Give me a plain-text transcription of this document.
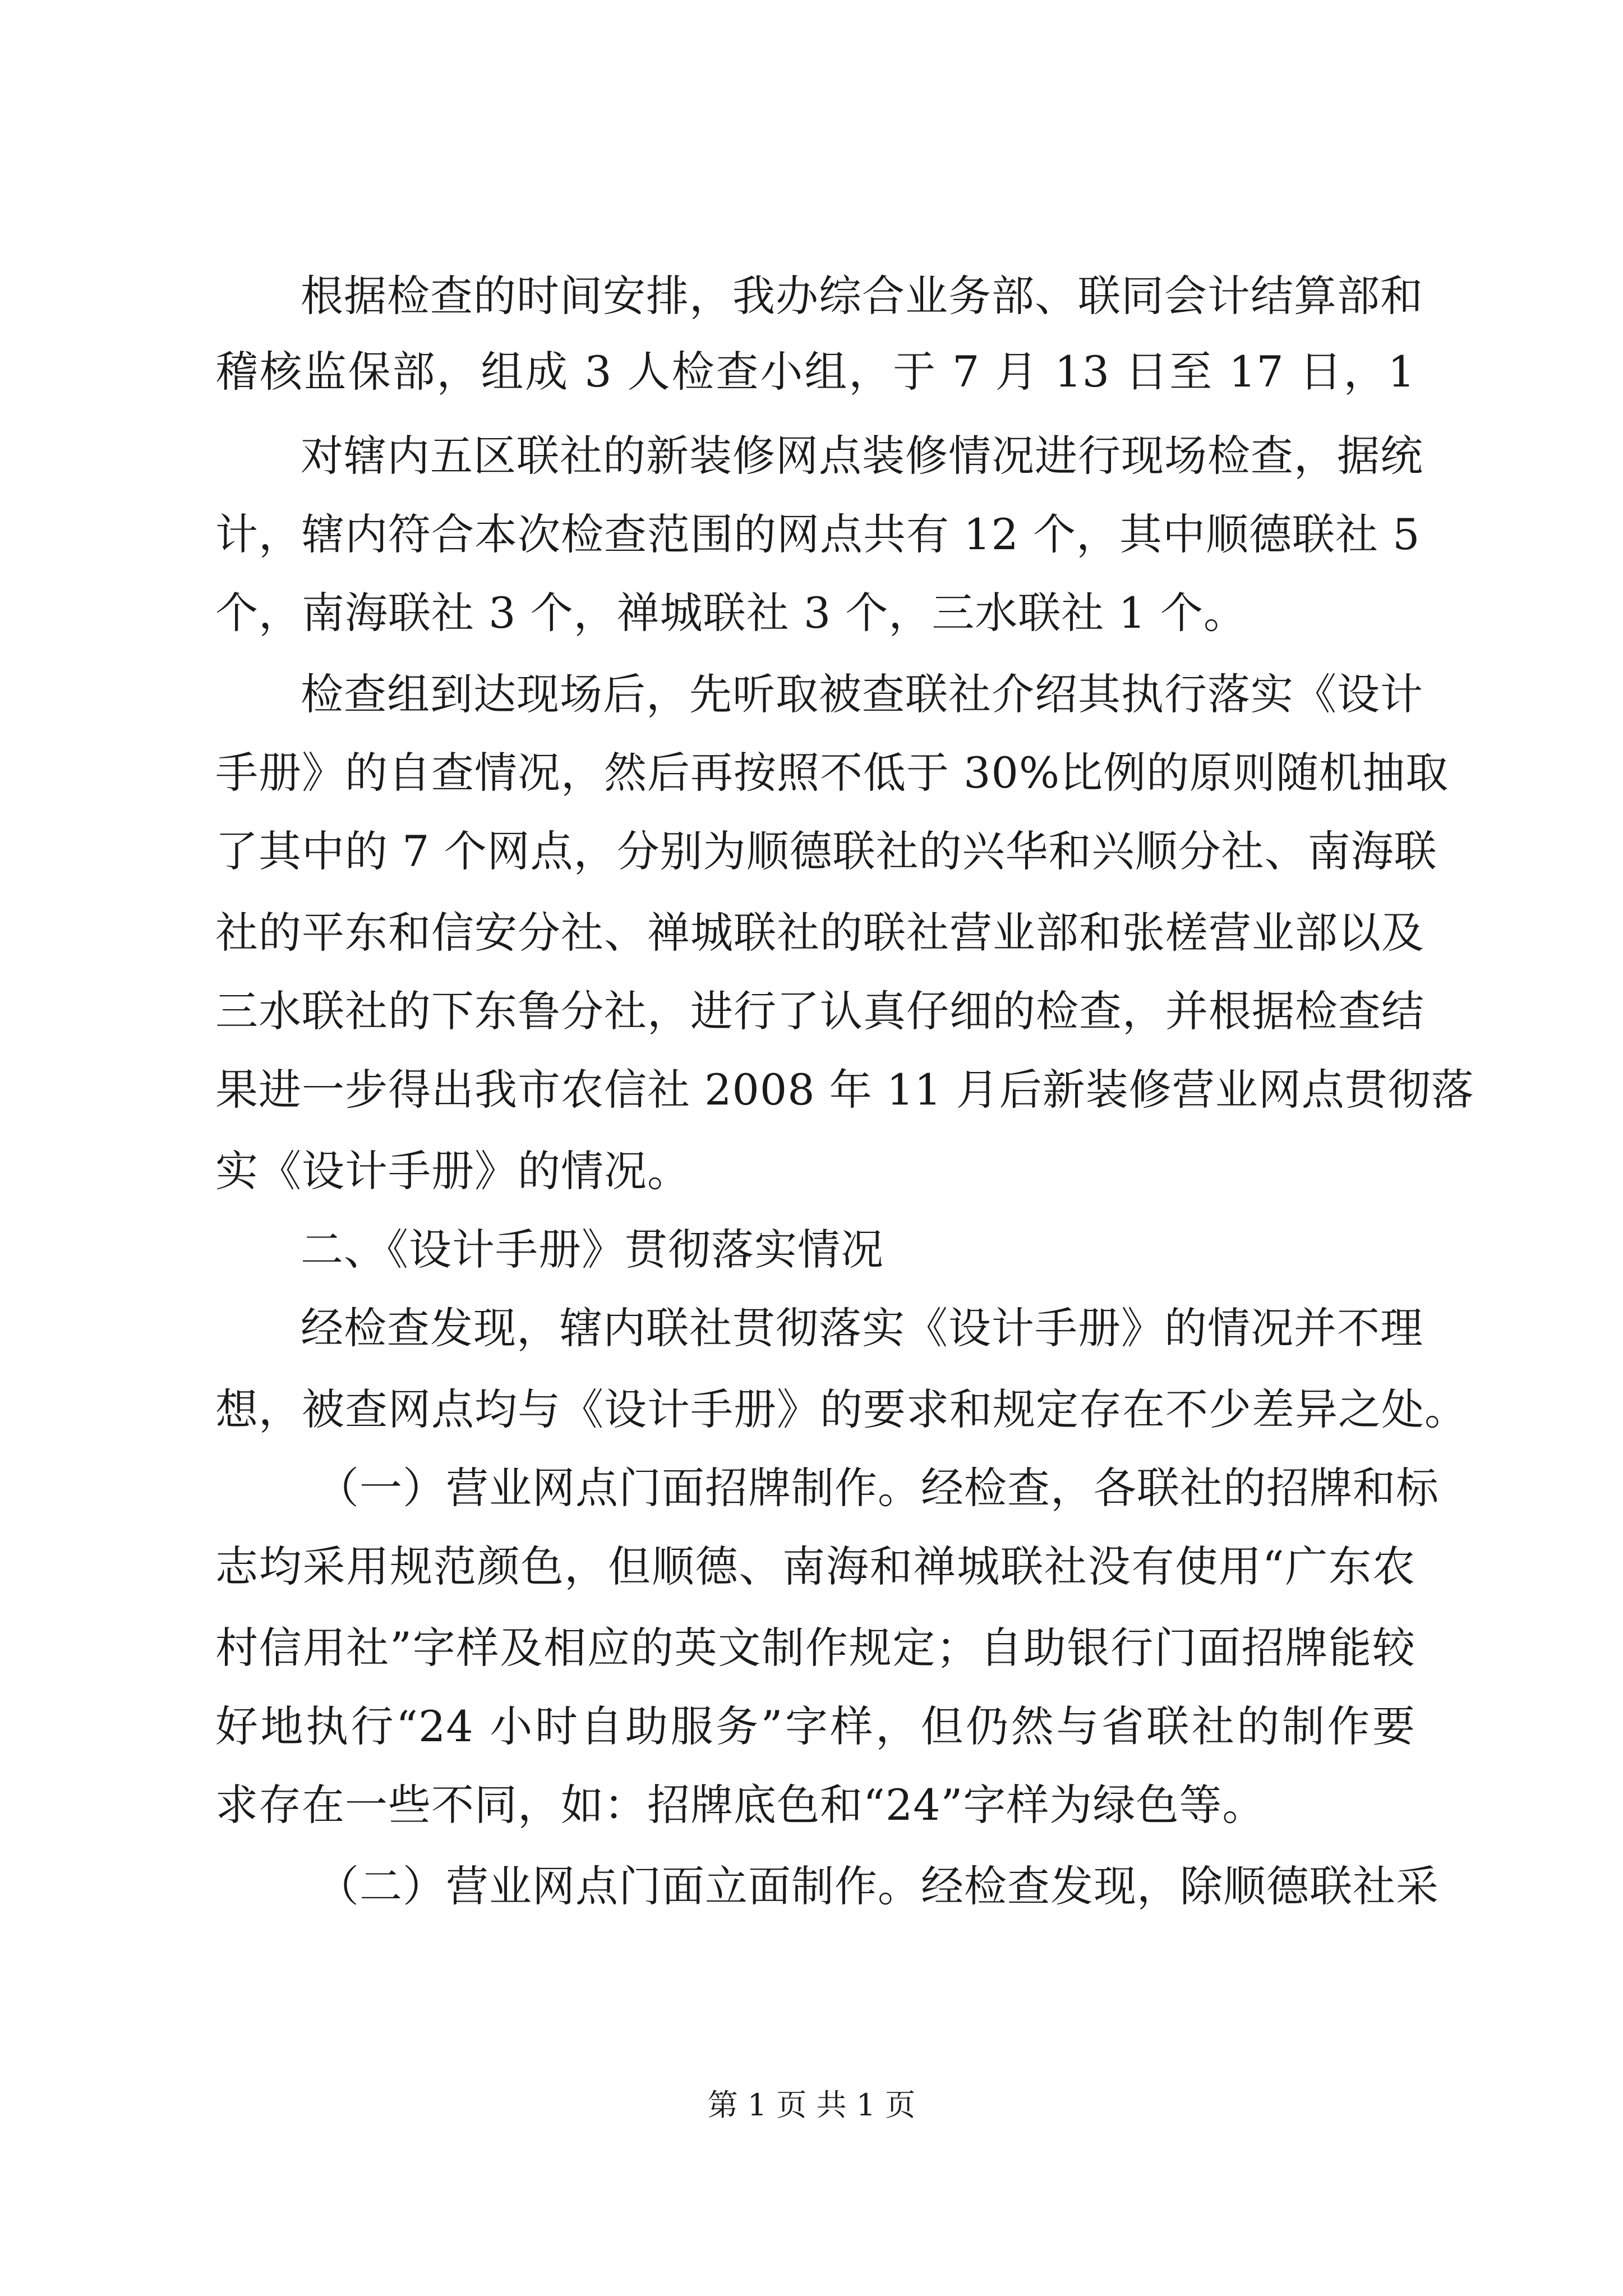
根据检查的时间安排，我办综合业务部、联同会计结算部和
稽核监保部，组成 3 人检查小组，于 7 月 13 日至 17 日，1
对辖内五区联社的新装修网点装修情况进行现场检查，据统
计，辖内符合本次检查范围的网点共有 12 个，其中顺德联社 5
个，南海联社 3 个，禅城联社 3 个，三水联社 1 个。
检查组到达现场后，先听取被查联社介绍其执行落实《设计
手册》的自查情况，然后再按照不低于 30%比例的原则随机抽取
了其中的 7 个网点，分别为顺德联社的兴华和兴顺分社、南海联
社的平东和信安分社、禅城联社的联社营业部和张槎营业部以及
三水联社的下东鲁分社，进行了认真仔细的检查，并根据检查结
果进一步得出我市农信社 2008 年 11 月后新装修营业网点贯彻落
实《设计手册》的情况。
二、《设计手册》贯彻落实情况
经检查发现，辖内联社贯彻落实《设计手册》的情况并不理
想，被查网点均与《设计手册》的要求和规定存在不少差异之处。
（一）营业网点门面招牌制作。经检查，各联社的招牌和标
志均采用规范颜色，但顺德、南海和禅城联社没有使用“广东农
村信用社”字样及相应的英文制作规定；自助银行门面招牌能较
好地执行“24 小时自助服务”字样，但仍然与省联社的制作要
求存在一些不同，如：招牌底色和“24”字样为绿色等。
（二）营业网点门面立面制作。经检查发现，除顺德联社采
第 1 页 共 1 页
